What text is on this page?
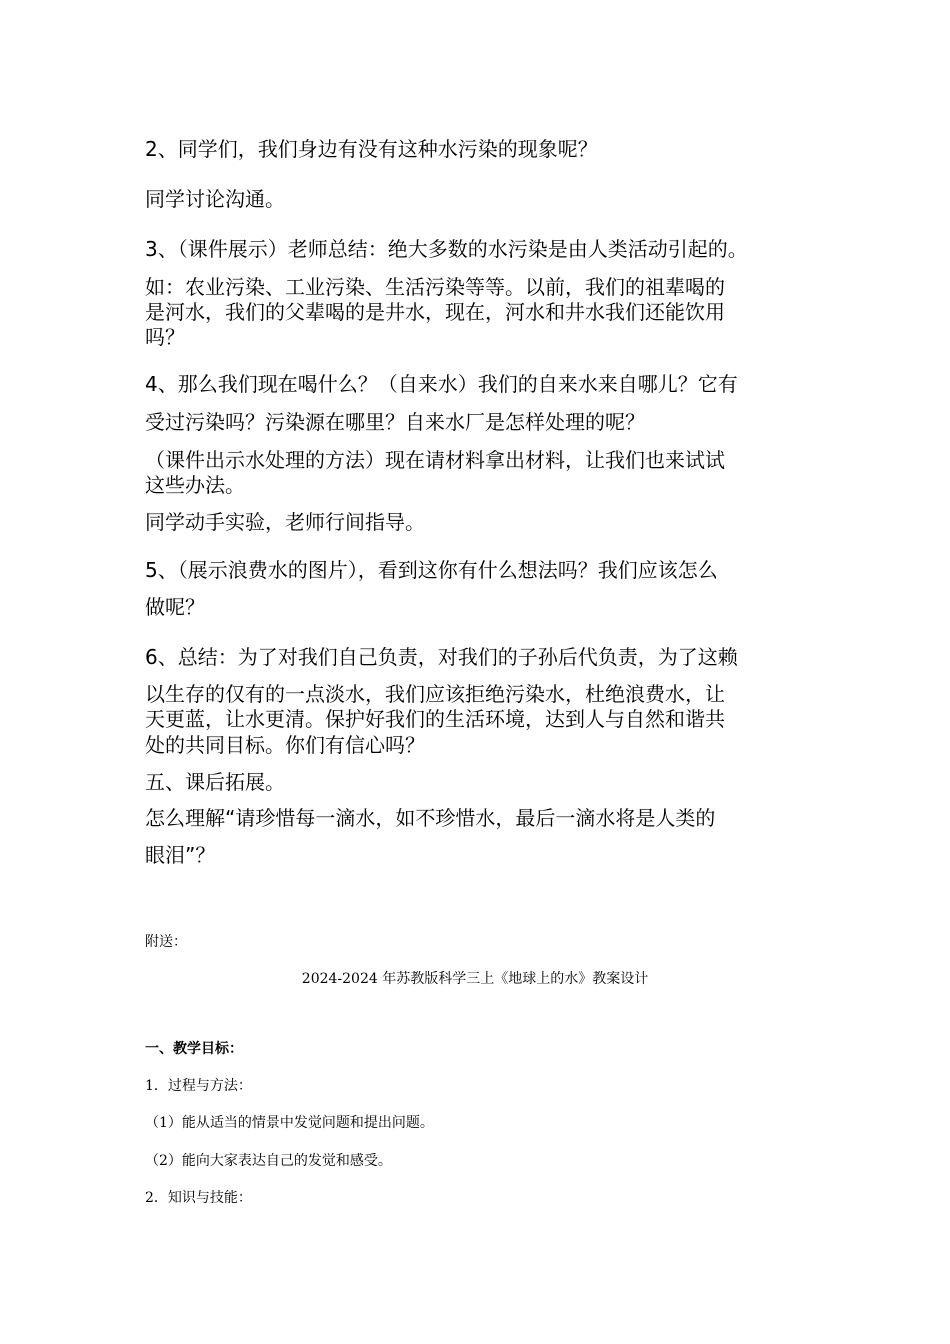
2、同学们，我们身边有没有这种水污染的现象呢？

同学讨论沟通。

3、（课件展示）老师总结：绝大多数的水污染是由人类活动引起的。

如：农业污染、工业污染、生活污染等等。以前，我们的祖辈喝的

是河水，我们的父辈喝的是井水，现在，河水和井水我们还能饮用

吗？

4、那么我们现在喝什么？（自来水）我们的自来水来自哪儿？它有

受过污染吗？污染源在哪里？自来水厂是怎样处理的呢？

（课件出示水处理的方法）现在请材料拿出材料，让我们也来试试

这些办法。

同学动手实验，老师行间指导。

5、（展示浪费水的图片），看到这你有什么想法吗？我们应该怎么

做呢？

6、总结：为了对我们自己负责，对我们的子孙后代负责，为了这赖

以生存的仅有的一点淡水，我们应该拒绝污染水，杜绝浪费水，让

天更蓝，让水更清。保护好我们的生活环境，达到人与自然和谐共

处的共同目标。你们有信心吗？

五、课后拓展。

怎么理解“请珍惜每一滴水，如不珍惜水，最后一滴水将是人类的

眼泪”？

附送：

2024-2024 年苏教版科学三上《地球上的水》教案设计

一、教学目标：

1．过程与方法：

（1）能从适当的情景中发觉问题和提出问题。

（2）能向大家表达自己的发觉和感受。

2．知识与技能：
